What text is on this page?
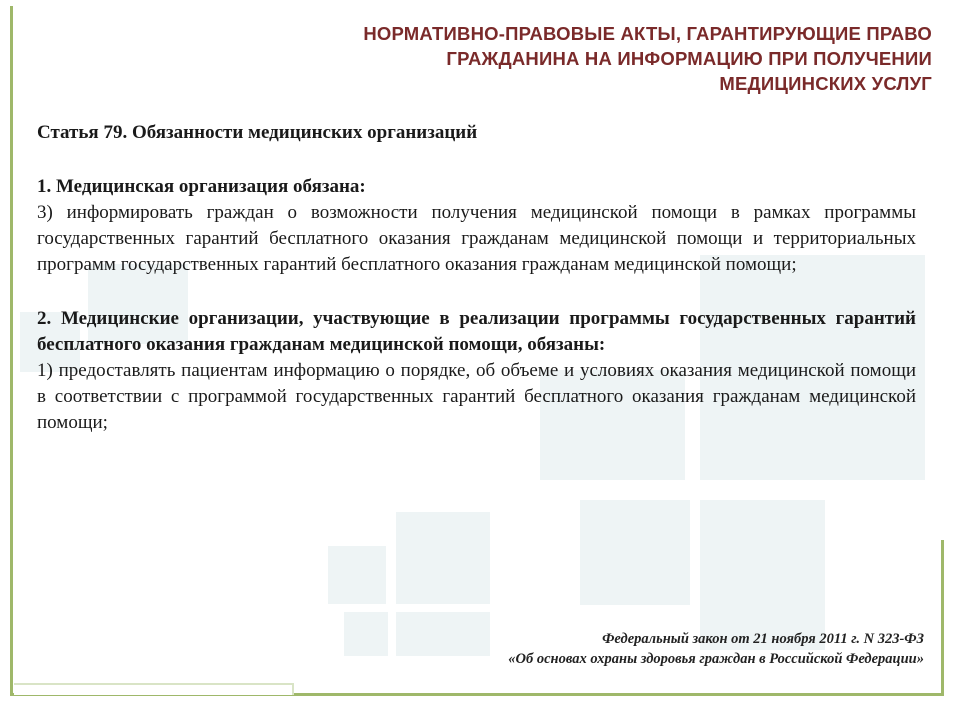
НОРМАТИВНО-ПРАВОВЫЕ АКТЫ, ГАРАНТИРУЮЩИЕ ПРАВО
ГРАЖДАНИНА НА ИНФОРМАЦИЮ ПРИ ПОЛУЧЕНИИ
МЕДИЦИНСКИХ УСЛУГ

Статья 79. Обязанности медицинских организаций

1. Медицинская организация обязана:

3) информировать граждан о возможности получения медицинской помощи в рамках программы государственных гарантий бесплатного оказания гражданам медицинской помощи и территориальных программ государственных гарантий бесплатного оказания гражданам медицинской помощи;

2. Медицинские организации, участвующие в реализации программы государственных гарантий бесплатного оказания гражданам медицинской помощи, обязаны:

1) предоставлять пациентам информацию о порядке, об объеме и условиях оказания медицинской помощи в соответствии с программой государственных гарантий бесплатного оказания гражданам медицинской помощи;

Федеральный закон от 21 ноября 2011 г. N 323-ФЗ
«Об основах охраны здоровья граждан в Российской Федерации»
